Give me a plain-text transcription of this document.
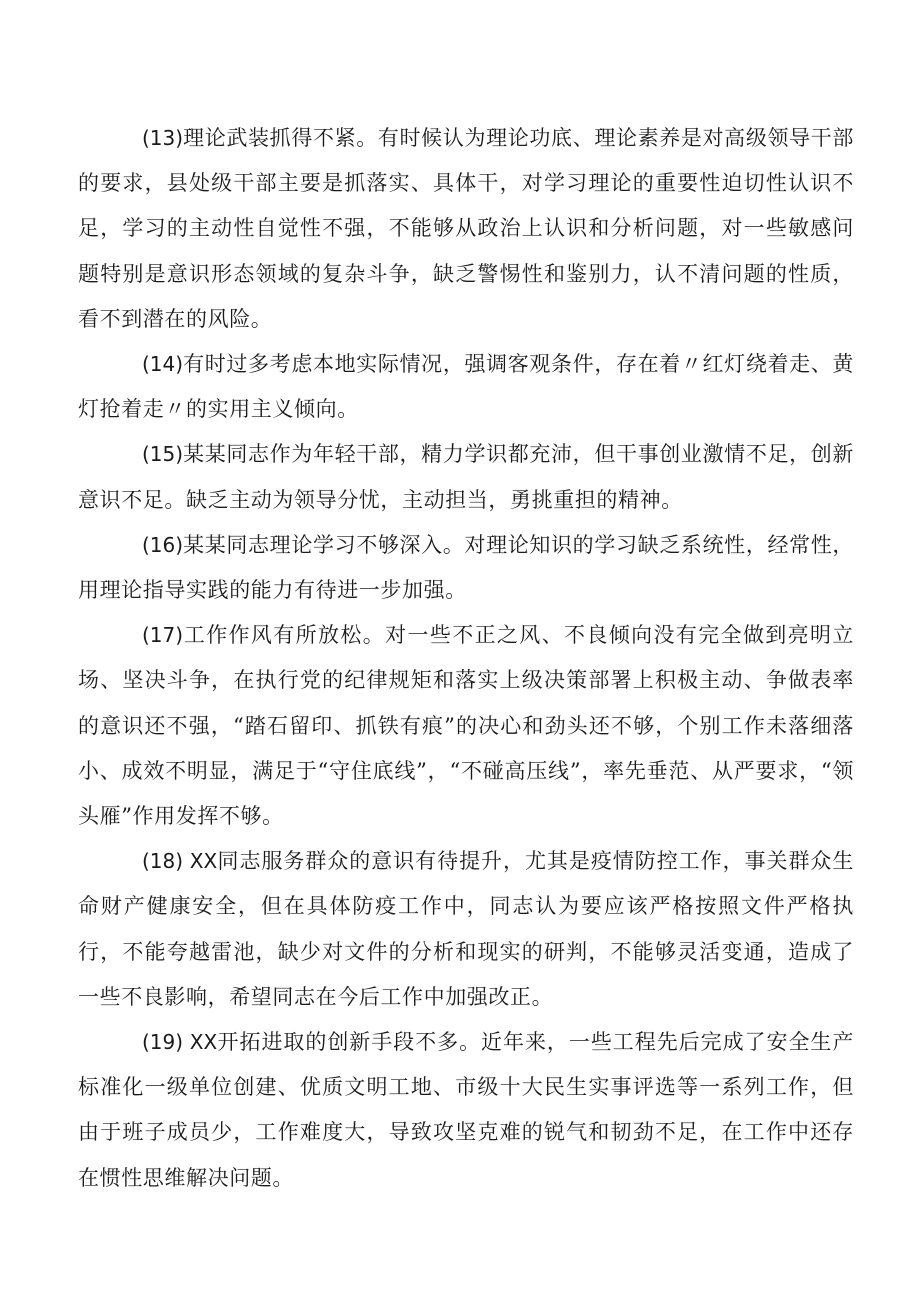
(13)理论武装抓得不紧。有时候认为理论功底、理论素养是对高级领导干部的要求，县处级干部主要是抓落实、具体干，对学习理论的重要性迫切性认识不足，学习的主动性自觉性不强，不能够从政治上认识和分析问题，对一些敏感问题特别是意识形态领域的复杂斗争，缺乏警惕性和鉴别力，认不清问题的性质，看不到潜在的风险。

(14)有时过多考虑本地实际情况，强调客观条件，存在着〃红灯绕着走、黄灯抢着走〃的实用主义倾向。

(15)某某同志作为年轻干部，精力学识都充沛，但干事创业激情不足，创新意识不足。缺乏主动为领导分忧，主动担当，勇挑重担的精神。

(16)某某同志理论学习不够深入。对理论知识的学习缺乏系统性，经常性，用理论指导实践的能力有待进一步加强。

(17)工作作风有所放松。对一些不正之风、不良倾向没有完全做到亮明立场、坚决斗争，在执行党的纪律规矩和落实上级决策部署上积极主动、争做表率的意识还不强，“踏石留印、抓铁有痕”的决心和劲头还不够，个别工作未落细落小、成效不明显，满足于“守住底线”，“不碰高压线”，率先垂范、从严要求，“领头雁”作用发挥不够。

(18) XX同志服务群众的意识有待提升，尤其是疫情防控工作，事关群众生命财产健康安全，但在具体防疫工作中，同志认为要应该严格按照文件严格执行，不能夸越雷池，缺少对文件的分析和现实的研判，不能够灵活变通，造成了一些不良影响，希望同志在今后工作中加强改正。

(19) XX开拓进取的创新手段不多。近年来，一些工程先后完成了安全生产标准化一级单位创建、优质文明工地、市级十大民生实事评选等一系列工作，但由于班子成员少，工作难度大，导致攻坚克难的锐气和韧劲不足，在工作中还存在惯性思维解决问题。
